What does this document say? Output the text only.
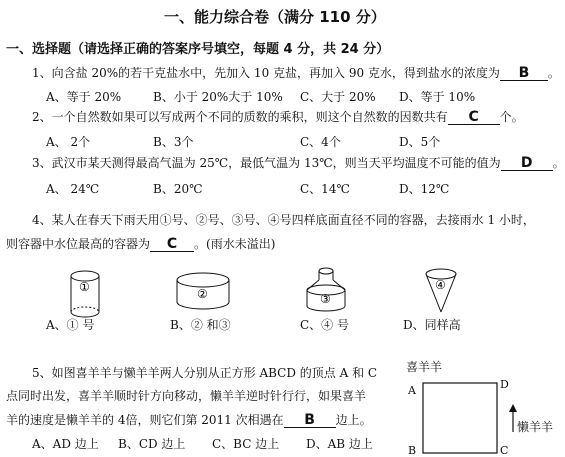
一、能力综合卷（满分 110 分）
一、选择题（请选择正确的答案序号填空，每题 4 分，共 24 分）
1、向含盐 20%的若干克盐水中，先加入 10 克盐，再加入 90 克水，得到盐水的浓度为 B 。
A、等于 20%	B、小于 20%大于 10% C、大于 20% D、等于 10%
2、一个自然数如果可以写成两个不同的质数的乘积，则这个自然数的因数共有 C 个。
A、 2个	B、3个	C、4个	D、5个
3、武汉市某天测得最高气温为 25℃，最低气温为 13℃，则当天平均温度不可能的值为 D 。
A、 24℃	B、20℃	C、14℃	D、12℃
4、某人在春天下雨天用①号、②号、③号、④号四样底面直径不同的容器，去接雨水 1 小时，
则容器中水位最高的容器为 C 。(雨水未溢出)
①	②	③
④
A、① 号	B、② 和③	C、④ 号	D、同样高
5、如图喜羊羊与懒羊羊两人分别从正方形 ABCD 的顶点 A 和 C
点同时出发，喜羊羊顺时针方向移动，懒羊羊逆时针行行，如果喜羊
羊的速度是懒羊羊的 4倍，则它们第 2011 次相遇在 B 边上。
A、AD 边上 B、CD 边上 C、BC 边上 D、AB 边上
喜羊羊
A
B	C
D
懒羊羊
